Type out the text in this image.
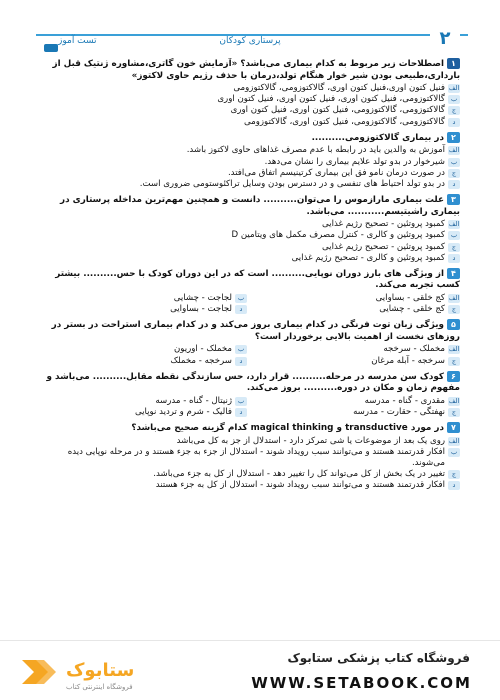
تست آموز	پرستاری کودکان	۲
۱اصطلاحات زیر مربوط به کدام بیماری می‌باشد؟ «آزمایش خون گاتری،مشاوره ژنتیک قبل از بارداری،طبیعی بودن شیر خوار هنگام تولد،درمان با حذف رژیم حاوی لاکتوز»
الف
فنیل کتون اوری،فنیل کتون اوری، گالاکتوزومی، گالاکتوزومی
ب
گالاکتوزومی، فنیل کتون اوری، فنیل کتون اوری، فنیل کتون اوری
ج
گالاکتوزومی، گالاکتوزومی، فنیل کتون اوری، فنیل کتون اوری
د
گالاکتوزومی، گالاکتوزومی، فنیل کتون اوری، گالاکتوزومی
۲در بیماری گالاکتوزومی..........
الف
آموزش به والدین باید در رابطه با عدم مصرف غذاهای حاوی لاکتوز باشد.
ب
شیرخوار در بدو تولد علایم بیماری را نشان می‌دهد.
ج
در صورت درمان نامو فق این بیماری کرتینیسم اتفاق می‌افتد.
د
در بدو تولد احتیاط های تنفسی و در دسترس بودن وسایل تراکئوستومی ضروری است.
۳علت بیماری مارازموس را می‌توان.......... دانست و همچنین مهم‌ترین مداخله پرستاری در بیماری راشیتیسم........... می‌باشد.
الف
کمبود پروتئین - تصحیح رژیم غذایی
ب
کمبود پروتئین و کالری - کنترل مصرف مکمل های ویتامین D
ج
کمبود پروتئین - تصحیح رژیم غذایی
د
کمبود پروتئین و کالری - تصحیح رژیم غذایی
۴از ویژگی های بارز دوران نوپایی.......... است که در این دوران کودک با حس.......... بیشتر کسب تجربه می‌کند.
الف
کج خلقی - بساوایی
ب
لجاجت - چشایی
ج
کج خلقی - چشایی
د
لجاجت - بساوایی
۵ویژگی زبان توت فرنگی در کدام بیماری بروز می‌کند و در کدام بیماری استراحت در بستر در روزهای نخست از اهمیت بالایی برخوردار است؟
الف
مخملک - سرخجه
ب
مخملک - اوریون
ج
سرخجه - آبله مرغان
د
سرخجه - مخملک
۶کودک سن مدرسه در مرحله.......... قرار دارد، حس سازندگی نقطه مقابل.......... می‌باشد و مفهوم زمان و مکان در دوره.......... بروز می‌کند.
الف
مقدری - گناه - مدرسه
ب
ژنیتال - گناه - مدرسه
ج
نهفتگی - حقارت - مدرسه
د
فالیک - شرم و تردید نوپایی
۷در مورد transductive و magical thinking کدام گزینه صحیح می‌باشد؟
الف
روی یک بعد از موضوعات یا شی تمرکز دارد - استدلال از جز به کل می‌باشد
ب
افکار قدرتمند هستند و می‌توانند سبب رویداد شوند - استدلال از جزء به جزء هستند و در مرحله نوپایی دیده می‌شوند.
ج
تغییر در یک بخش از کل می‌تواند کل را تغییر دهد - استدلال از کل به جزء می‌باشد.
د
افکار قدرتمند هستند و می‌توانند سبب رویداد شوند - استدلال از کل به جزء هستند
ستابوک
فروشگاه اینترنتی کتاب
فروشگاه کتاب پزشکی ستابوک
WWW.SETABOOK.COM
